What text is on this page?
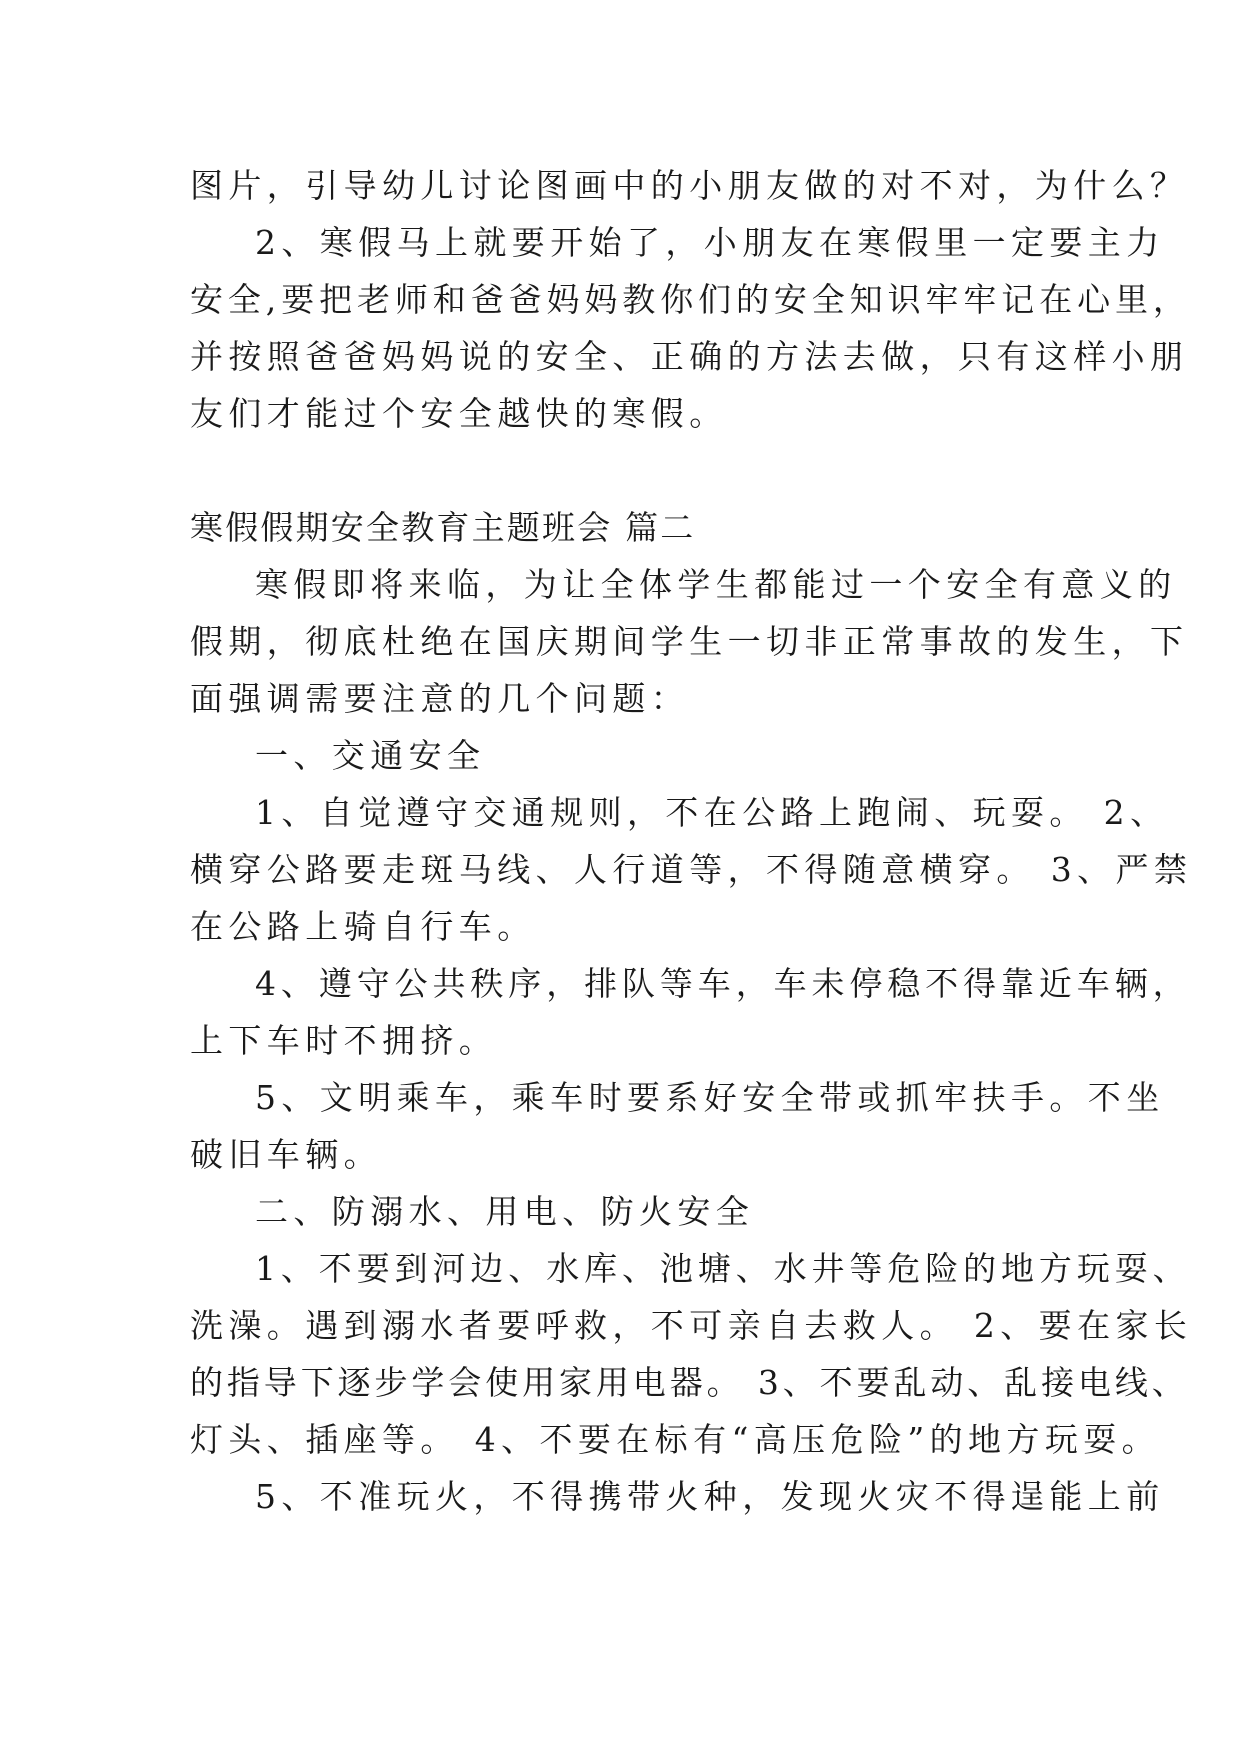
图片，引导幼儿讨论图画中的小朋友做的对不对，为什么？
2、寒假马上就要开始了，小朋友在寒假里一定要主力
安全,要把老师和爸爸妈妈教你们的安全知识牢牢记在心里，
并按照爸爸妈妈说的安全、正确的方法去做，只有这样小朋
友们才能过个安全越快的寒假。
寒假假期安全教育主题班会 篇二
寒假即将来临，为让全体学生都能过一个安全有意义的
假期，彻底杜绝在国庆期间学生一切非正常事故的发生，下
面强调需要注意的几个问题：
一、交通安全
1、自觉遵守交通规则，不在公路上跑闹、玩耍。 2、
横穿公路要走斑马线、人行道等，不得随意横穿。 3、严禁
在公路上骑自行车。
4、遵守公共秩序，排队等车，车未停稳不得靠近车辆，
上下车时不拥挤。
5、文明乘车，乘车时要系好安全带或抓牢扶手。不坐
破旧车辆。
二、防溺水、用电、防火安全
1、不要到河边、水库、池塘、水井等危险的地方玩耍、
洗澡。遇到溺水者要呼救，不可亲自去救人。 2、要在家长
的指导下逐步学会使用家用电器。 3、不要乱动、乱接电线、
灯头、插座等。 4、不要在标有“高压危险”的地方玩耍。
5、不准玩火，不得携带火种，发现火灾不得逞能上前
